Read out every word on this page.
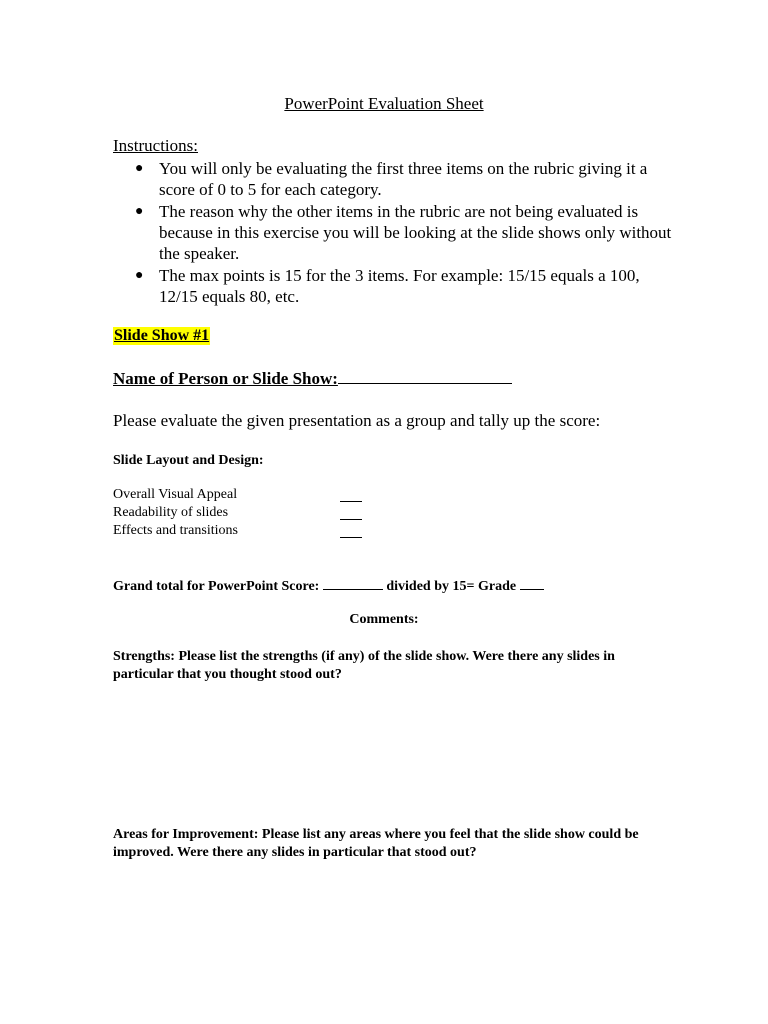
PowerPoint Evaluation Sheet
Instructions:
● You will only be evaluating the first three items on the rubric giving it a score of 0 to 5 for each category.
● The reason why the other items in the rubric are not being evaluated is because in this exercise you will be looking at the slide shows only without the speaker.
● The max points is 15 for the 3 items. For example: 15/15 equals a 100, 12/15 equals 80, etc.
Slide Show #1
Name of Person or Slide Show:
Please evaluate the given presentation as a group and tally up the score:
Slide Layout and Design:
Overall Visual Appeal
Readability of slides
Effects and transitions
Grand total for PowerPoint Score:	divided by 15= Grade
Comments:

Strengths: Please list the strengths (if any) of the slide show. Were there any slides in particular that you thought stood out?

Areas for Improvement: Please list any areas where you feel that the slide show could be improved. Were there any slides in particular that stood out?
